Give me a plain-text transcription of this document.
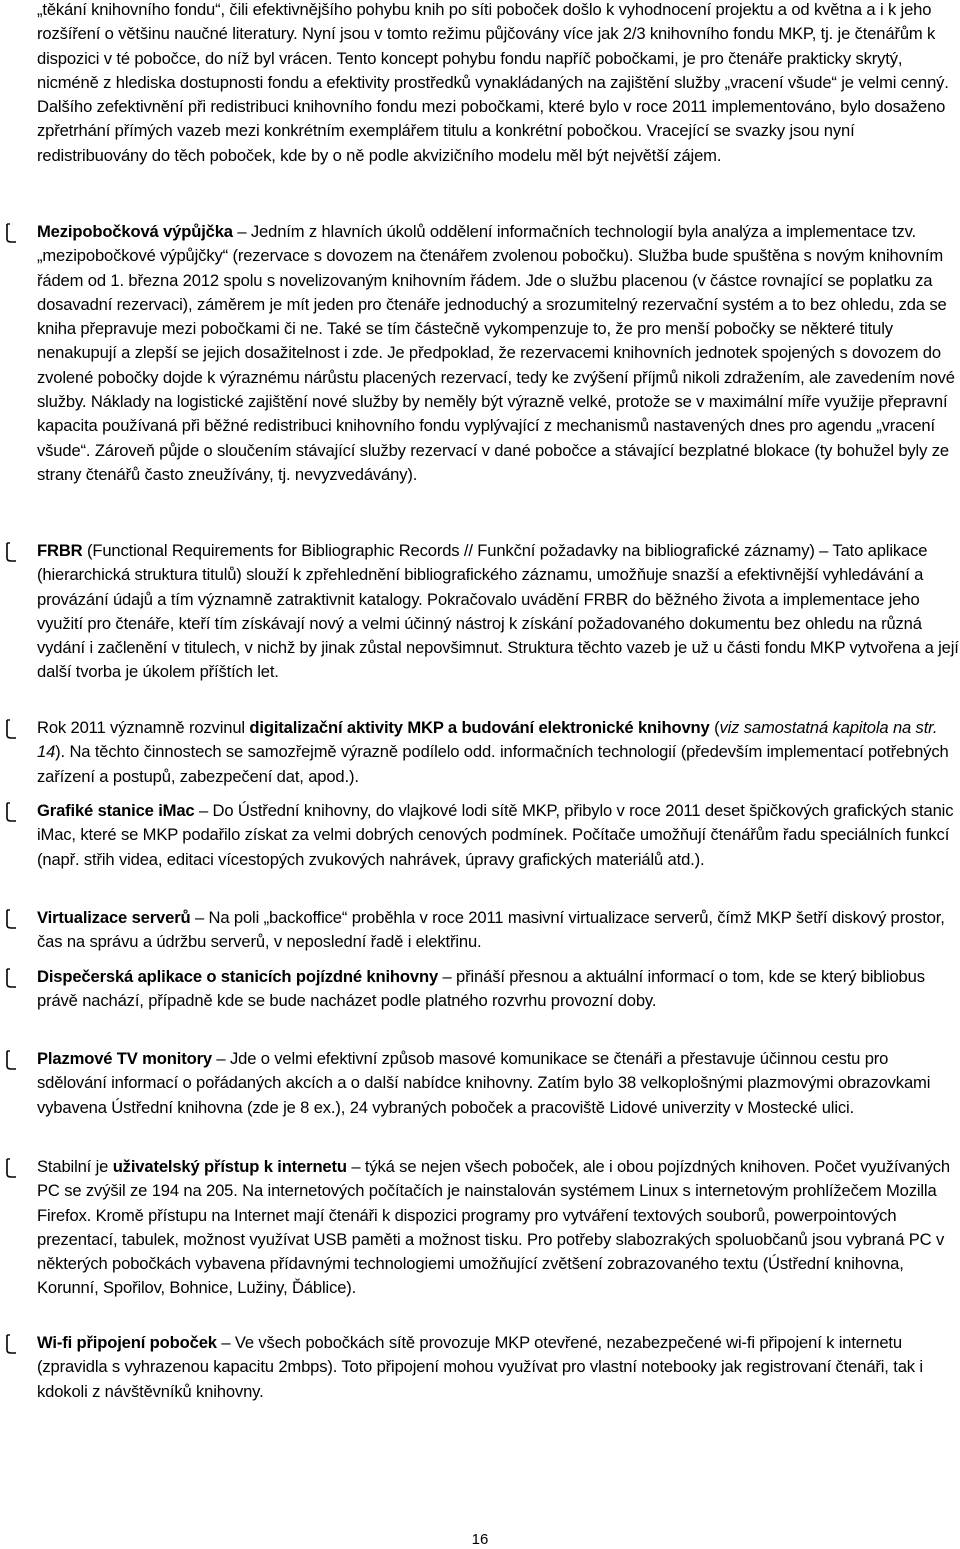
„těkání knihovního fondu“, čili efektivnějšího pohybu knih po síti poboček došlo k vyhodnocení projektu a od května a i k jeho rozšíření o většinu naučné literatury. Nyní jsou v tomto režimu půjčovány více jak 2/3 knihovního fondu MKP, tj. je čtenářům k dispozici v té pobočce, do níž byl vrácen. Tento koncept pohybu fondu napříč pobočkami, je pro čtenáře prakticky skrytý, nicméně z hlediska dostupnosti fondu a efektivity prostředků vynakládaných na zajištění služby „vracení všude“ je velmi cenný. Dalšího zefektivnění při redistribuci knihovního fondu mezi pobočkami, které bylo v roce 2011 implementováno, bylo dosaženo zpřetrhání přímých vazeb mezi konkrétním exemplářem titulu a konkrétní pobočkou. Vracející se svazky jsou nyní redistribuovány do těch poboček, kde by o ně podle akvizičního modelu měl být největší zájem.
Mezipobočková výpůjčka – Jedním z hlavních úkolů oddělení informačních technologií byla analýza a implementace tzv. „mezipobočkové výpůjčky“ (rezervace s dovozem na čtenářem zvolenou pobočku). Služba bude spuštěna s novým knihovním řádem od 1. března 2012 spolu s novelizovaným knihovním řádem. Jde o službu placenou (v částce rovnající se poplatku za dosavadní rezervaci), záměrem je mít jeden pro čtenáře jednoduchý a srozumitelný rezervační systém a to bez ohledu, zda se kniha přepravuje mezi pobočkami či ne. Také se tím částečně vykompenzuje to, že pro menší pobočky se některé tituly nenakupují a zlepší se jejich dosažitelnost i zde. Je předpoklad, že rezervacemi knihovních jednotek spojených s dovozem do zvolené pobočky dojde k výraznému nárůstu placených rezervací, tedy ke zvýšení příjmů nikoli zdražením, ale zavedením nové služby. Náklady na logistické zajištění nové služby by neměly být výrazně velké, protože se v maximální míře využije přepravní kapacita používaná při běžné redistribuci knihovního fondu vyplývající z mechanismů nastavených dnes pro agendu „vracení všude“. Zároveň půjde o sloučením stávající služby rezervací v dané pobočce a stávající bezplatné blokace (ty bohužel byly ze strany čtenářů často zneužívány, tj. nevyzvedávány).
FRBR (Functional Requirements for Bibliographic Records // Funkční požadavky na bibliografické záznamy) – Tato aplikace (hierarchická struktura titulů) slouží k zpřehlednění bibliografického záznamu, umožňuje snazší a efektivnější vyhledávání a provázání údajů a tím významně zatraktivnit katalogy. Pokračovalo uvádění FRBR do běžného života a implementace jeho využití pro čtenáře, kteří tím získávají nový a velmi účinný nástroj k získání požadovaného dokumentu bez ohledu na různá vydání i začlenění v titulech, v nichž by jinak zůstal nepovšimnut. Struktura těchto vazeb je už u části fondu MKP vytvořena a její další tvorba je úkolem příštích let.
Rok 2011 významně rozvinul digitalizační aktivity MKP a budování elektronické knihovny (viz samostatná kapitola na str. 14). Na těchto činnostech se samozřejmě výrazně podílelo odd. informačních technologií (především implementací potřebných zařízení a postupů, zabezpečení dat, apod.).
Grafiké stanice iMac – Do Ústřední knihovny, do vlajkové lodi sítě MKP, přibylo v roce 2011 deset špičkových grafických stanic iMac, které se MKP podařilo získat za velmi dobrých cenových podmínek. Počítače umožňují čtenářům řadu speciálních funkcí (např. střih videa, editaci vícestopých zvukových nahrávek, úpravy grafických materiálů atd.).
Virtualizace serverů – Na poli „backoffice“ proběhla v roce 2011 masivní virtualizace serverů, čímž MKP šetří diskový prostor, čas na správu a údržbu serverů, v neposlední řadě i elektřinu.
Dispečerská aplikace o stanicích pojízdné knihovny – přináší přesnou a aktuální informací o tom, kde se který bibliobus právě nachází, případně kde se bude nacházet podle platného rozvrhu provozní doby.
Plazmové TV monitory – Jde o velmi efektivní způsob masové komunikace se čtenáři a přestavuje účinnou cestu pro sdělování informací o pořádaných akcích a o další nabídce knihovny. Zatím bylo 38 velkoplošnými plazmovými obrazovkami vybavena Ústřední knihovna (zde je 8 ex.), 24 vybraných poboček a pracoviště Lidové univerzity v Mostecké ulici.
Stabilní je uživatelský přístup k internetu – týká se nejen všech poboček, ale i obou pojízdných knihoven. Počet využívaných PC se zvýšil ze 194 na 205. Na internetových počítačích je nainstalován systémem Linux s internetovým prohlížečem Mozilla Firefox. Kromě přístupu na Internet mají čtenáři k dispozici programy pro vytváření textových souborů, powerpointových prezentací, tabulek, možnost využívat USB paměti a možnost tisku. Pro potřeby slabozrakých spoluobčanů jsou vybraná PC v některých pobočkách vybavena přídavnými technologiemi umožňující zvětšení zobrazovaného textu (Ústřední knihovna, Korunní, Spořilov, Bohnice, Lužiny, Ďáblice).
Wi-fi připojení poboček – Ve všech pobočkách sítě provozuje MKP otevřené, nezabezpečené wi-fi připojení k internetu (zpravidla s vyhrazenou kapacitu 2mbps). Toto připojení mohou využívat pro vlastní notebooky jak registrovaní čtenáři, tak i kdokoli z návštěvníků knihovny.
16
